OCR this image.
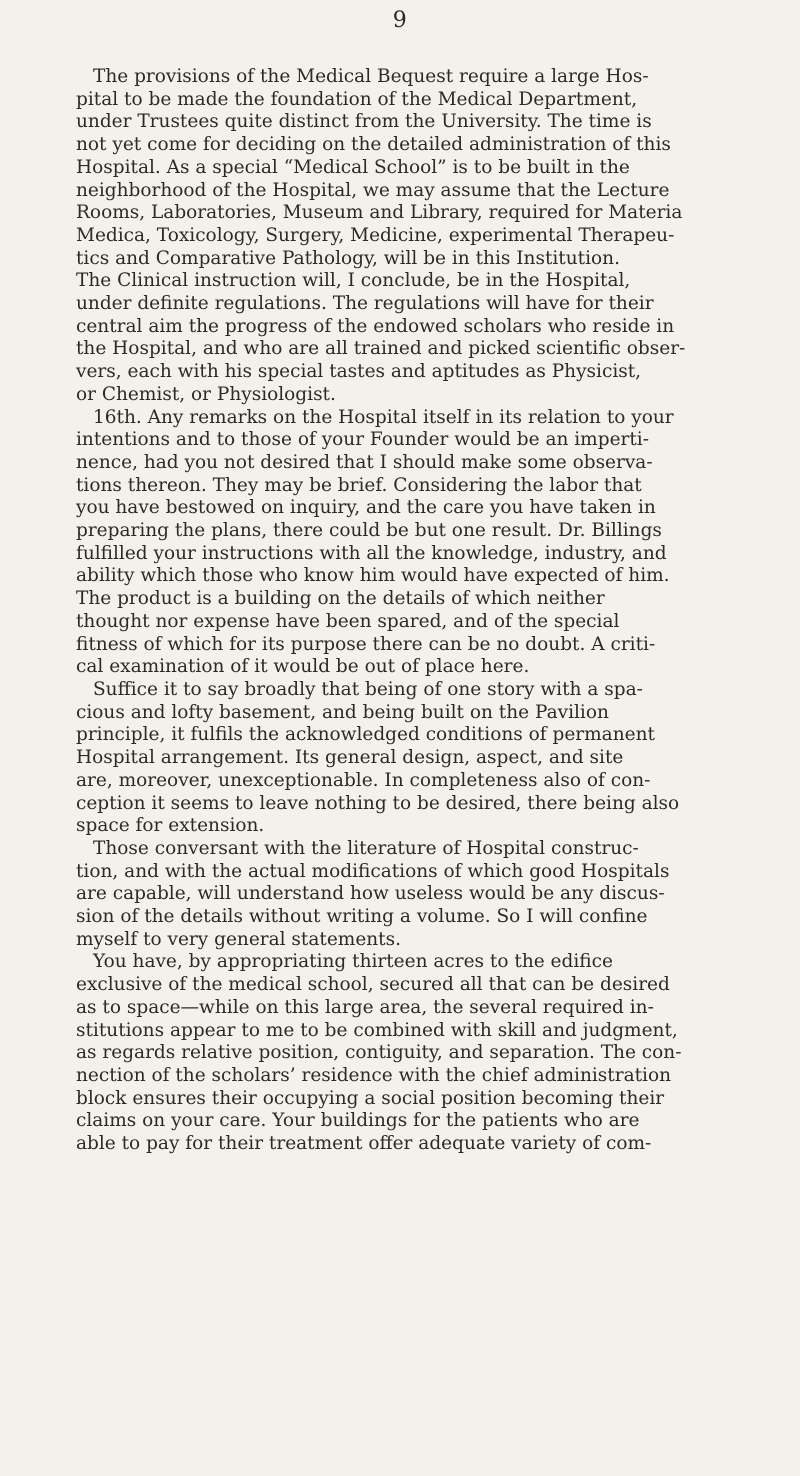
9
The provisions of the Medical Bequest require a large Hos-
pital to be made the foundation of the Medical Department,
under Trustees quite distinct from the University. The time is
not yet come for deciding on the detailed administration of this
Hospital. As a special “Medical School” is to be built in the
neighborhood of the Hospital, we may assume that the Lecture
Rooms, Laboratories, Museum and Library, required for Materia
Medica, Toxicology, Surgery, Medicine, experimental Therapeu-
tics and Comparative Pathology, will be in this Institution.
The Clinical instruction will, I conclude, be in the Hospital,
under definite regulations. The regulations will have for their
central aim the progress of the endowed scholars who reside in
the Hospital, and who are all trained and picked scientific obser-
vers, each with his special tastes and aptitudes as Physicist,
or Chemist, or Physiologist.
16th. Any remarks on the Hospital itself in its relation to your
intentions and to those of your Founder would be an imperti-
nence, had you not desired that I should make some observa-
tions thereon. They may be brief. Considering the labor that
you have bestowed on inquiry, and the care you have taken in
preparing the plans, there could be but one result. Dr. Billings
fulfilled your instructions with all the knowledge, industry, and
ability which those who know him would have expected of him.
The product is a building on the details of which neither
thought nor expense have been spared, and of the special
fitness of which for its purpose there can be no doubt. A criti-
cal examination of it would be out of place here.
Suffice it to say broadly that being of one story with a spa-
cious and lofty basement, and being built on the Pavilion
principle, it fulfils the acknowledged conditions of permanent
Hospital arrangement. Its general design, aspect, and site
are, moreover, unexceptionable. In completeness also of con-
ception it seems to leave nothing to be desired, there being also
space for extension.
Those conversant with the literature of Hospital construc-
tion, and with the actual modifications of which good Hospitals
are capable, will understand how useless would be any discus-
sion of the details without writing a volume. So I will confine
myself to very general statements.
You have, by appropriating thirteen acres to the edifice
exclusive of the medical school, secured all that can be desired
as to space—while on this large area, the several required in-
stitutions appear to me to be combined with skill and judgment,
as regards relative position, contiguity, and separation. The con-
nection of the scholars’ residence with the chief administration
block ensures their occupying a social position becoming their
claims on your care. Your buildings for the patients who are
able to pay for their treatment offer adequate variety of com-
